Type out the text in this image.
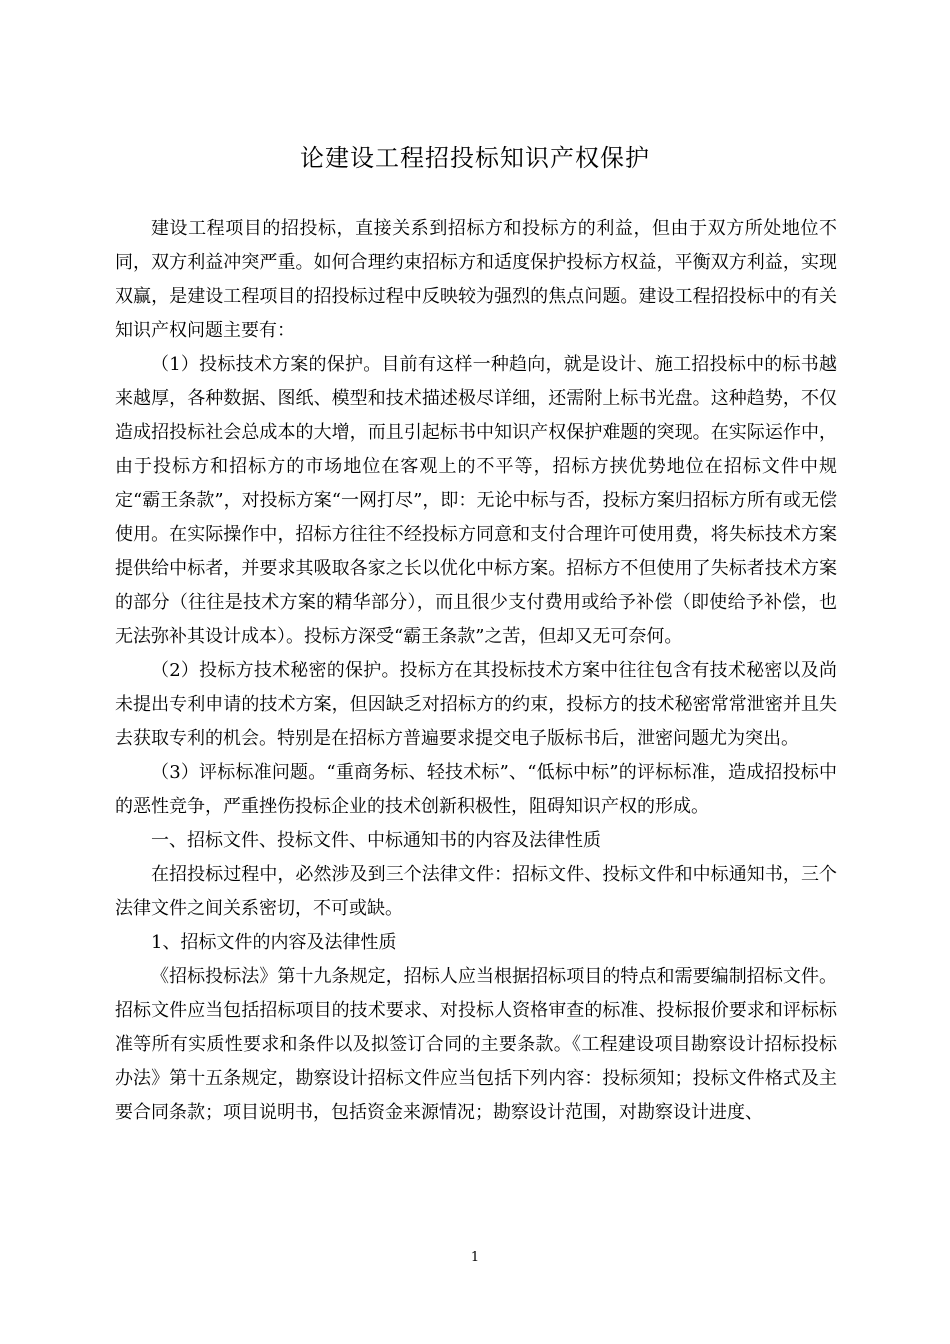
论建设工程招投标知识产权保护

建设工程项目的招投标，直接关系到招标方和投标方的利益，但由于双方所处地位不同，双方利益冲突严重。如何合理约束招标方和适度保护投标方权益，平衡双方利益，实现双赢，是建设工程项目的招投标过程中反映较为强烈的焦点问题。建设工程招投标中的有关知识产权问题主要有：

（1）投标技术方案的保护。目前有这样一种趋向，就是设计、施工招投标中的标书越来越厚，各种数据、图纸、模型和技术描述极尽详细，还需附上标书光盘。这种趋势，不仅造成招投标社会总成本的大增，而且引起标书中知识产权保护难题的突现。在实际运作中，由于投标方和招标方的市场地位在客观上的不平等，招标方挟优势地位在招标文件中规定“霸王条款”，对投标方案“一网打尽”，即：无论中标与否，投标方案归招标方所有或无偿使用。在实际操作中，招标方往往不经投标方同意和支付合理许可使用费，将失标技术方案提供给中标者，并要求其吸取各家之长以优化中标方案。招标方不但使用了失标者技术方案的部分（往往是技术方案的精华部分），而且很少支付费用或给予补偿（即使给予补偿，也无法弥补其设计成本）。投标方深受“霸王条款”之苦，但却又无可奈何。

（2）投标方技术秘密的保护。投标方在其投标技术方案中往往包含有技术秘密以及尚未提出专利申请的技术方案，但因缺乏对招标方的约束，投标方的技术秘密常常泄密并且失去获取专利的机会。特别是在招标方普遍要求提交电子版标书后，泄密问题尤为突出。

（3）评标标准问题。“重商务标、轻技术标”、“低标中标”的评标标准，造成招投标中的恶性竞争，严重挫伤投标企业的技术创新积极性，阻碍知识产权的形成。

一、招标文件、投标文件、中标通知书的内容及法律性质

在招投标过程中，必然涉及到三个法律文件：招标文件、投标文件和中标通知书，三个法律文件之间关系密切，不可或缺。

1、招标文件的内容及法律性质

《招标投标法》第十九条规定，招标人应当根据招标项目的特点和需要编制招标文件。招标文件应当包括招标项目的技术要求、对投标人资格审查的标准、投标报价要求和评标标准等所有实质性要求和条件以及拟签订合同的主要条款。《工程建设项目勘察设计招标投标办法》第十五条规定，勘察设计招标文件应当包括下列内容：投标须知；投标文件格式及主要合同条款；项目说明书，包括资金来源情况；勘察设计范围，对勘察设计进度、

1
